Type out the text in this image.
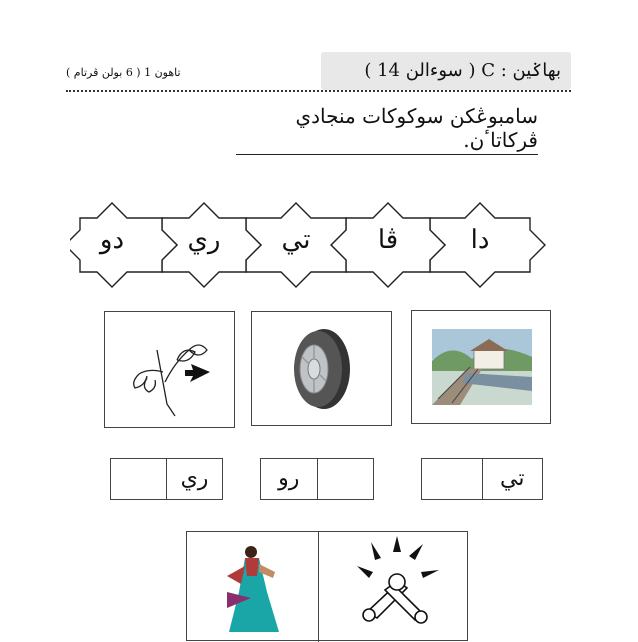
بهاݢين : C ( سوءالن 14 )
تاهون 1 ( 6 بولن ڤرتام )
سامبوڠكن سوكوكات منجادي ڤركاتاٴن.
دا
ڤا
تي
ري
دو
تي
رو
ري
